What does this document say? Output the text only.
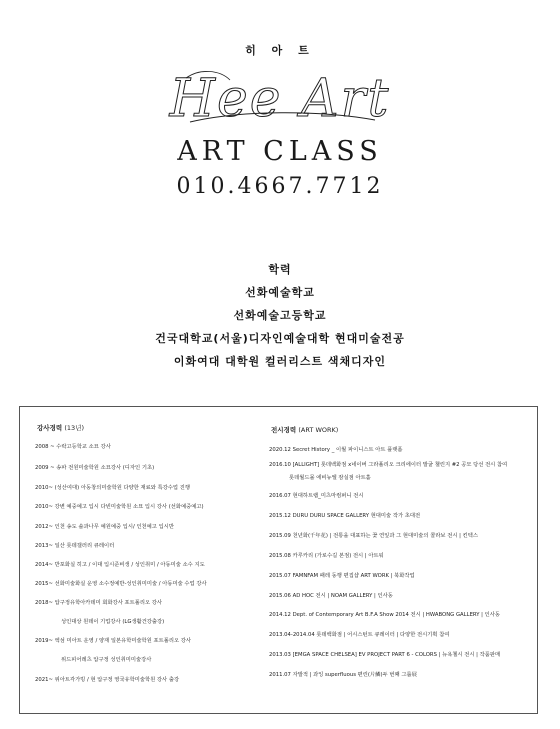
히 아 트
Hee Art
ART CLASS
010.4667.7712
학력
선화예술학교
선화예술고등학교
건국대학교(서울)디자인예술대학 현대미술전공
이화여대 대학원 컬러리스트 색채디자인
강사경력 (13년)
2008 ~ 수락고등학교 소묘 강사
2009 ~ 송파 전원미술학원 소묘강사 (디자인 기초)
2010~ (성산여대) 아동창의미술학원 다양한 재료와 특강수업 진행
2010~ 강변 예중예고 입시 다빈미술학원 소묘 입시 강사 (선화예중예고)
2012~ 인천 송도 솔과나무 예원예중 입시/ 인천예고 입시반
2013~ 일산 롯데갤러리 큐레이터
2014~ 반포화실 히고 / 이대 입시준비생 / 성인취미 / 아동미술 소수 지도
2015~ 선화미술화실 운영 소수정예반-성인취미미술 / 아동미술 수업 강사
2018~ 압구정유학아카데미 회화강사 포트폴리오 강사
성인대상 원데이 기업강사 (LG생활건강출강)
2019~ 엑섬 미아트 운영 / 양재 일본유학미술학원 포트폴리오 강사
위드피어레츠 압구정 성인취미미술강사
2021~ 위아트각가빙 / 현 압구정 영국유학미술학원 강사 출강
전시경력 (ART WORK)
2020.12 Secret History _ 이월 파이니스트 아트 플랫폼
2016.10 [ALLIGHT] 롯데백화점 x네이버 그라폴리오 크리에이터 발굴 챌린지 #2 공모 당선 전시 참여
롯데월드몰 에비뉴엘 잠실점 아트홀
2016.07 현대하트랩_미츠마컴퍼니 전시
2015.12 DURU DURU SPACE GALLERY 현대미술 작가 초대전
2015.09 천년화(千年花) | 전통을 대표하는 꽃 연잎과 그 현대미술의 콜라보 전시 | 킨텍스
2015.08 카루카리 (가로수길 본점) 전시 | 아트워
2015.07 FAMNFAM 패레 동행 편집샵 ART WORK | 북화작업
2015.06 AD HOC 전시 | NOAM GALLERY | 인사동
2014.12 Dept. of Contemporary Art B.F.A Show 2014 전시 | HWABONG GALLERY | 인사동
2013.04-2014.04 롯데백화점 | 어시스턴트 큐레이터 | 다양한 전시기획 참여
2013.03 [EMGA SPACE CHELSEA] EV PROJECT PART 6 - COLORS | 뉴욕첼시 전시 | 작품판매
2011.07 자발적 | 과잉 superfluous 편린(片鱗)두 번째 그룹展
